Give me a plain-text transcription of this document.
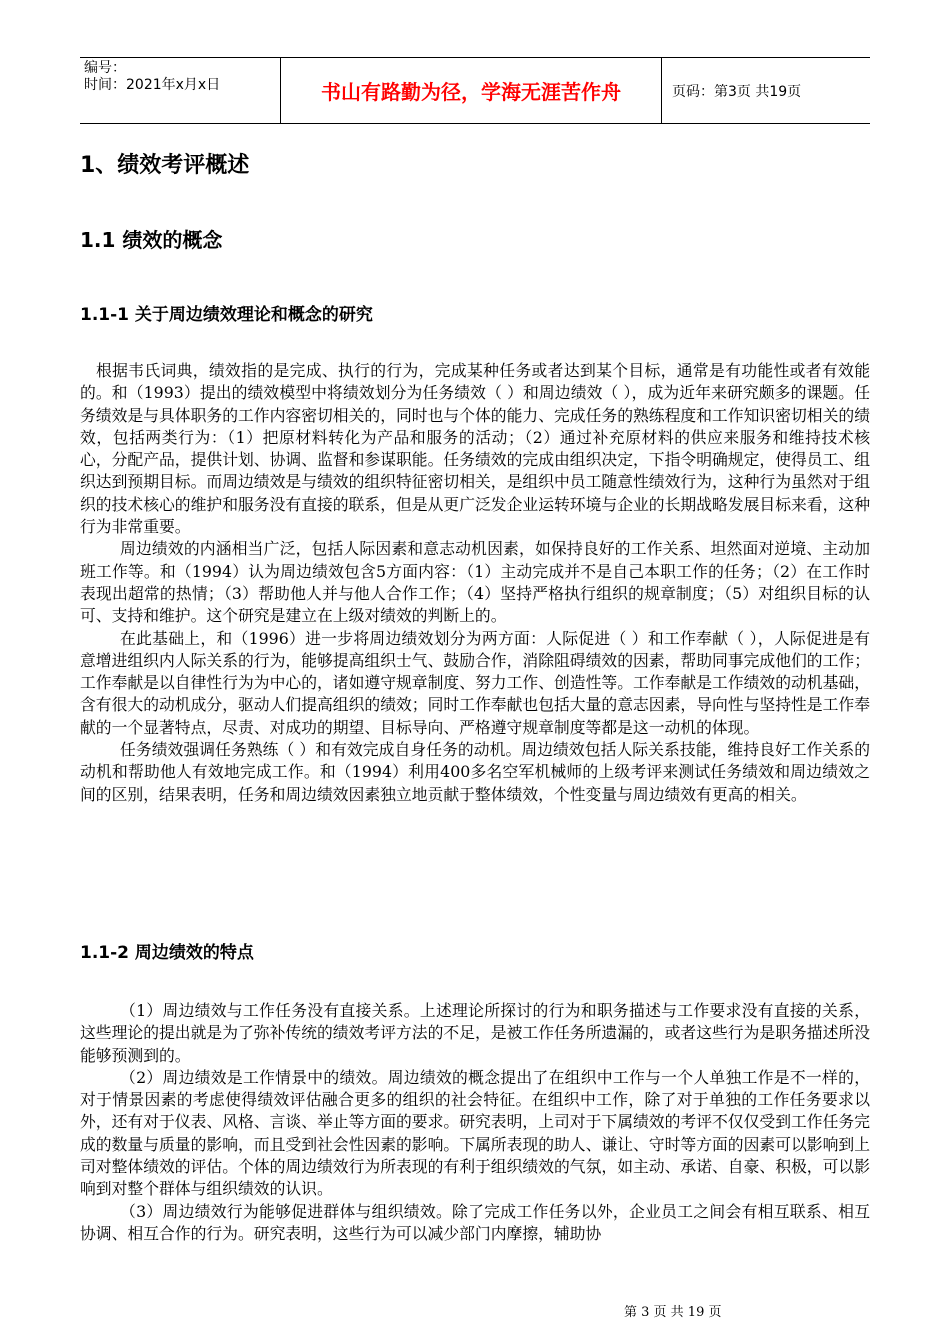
编号：
时间：2021年x月x日	书山有路勤为径，学海无涯苦作舟	页码：第3页 共19页
1、绩效考评概述
1.1 绩效的概念
1.1-1 关于周边绩效理论和概念的研究

根据韦氏词典，绩效指的是完成、执行的行为，完成某种任务或者达到某个目标，通常是有功能性或者有效能的。和（1993）提出的绩效模型中将绩效划分为任务绩效（ ）和周边绩效（ ），成为近年来研究颇多的课题。任务绩效是与具体职务的工作内容密切相关的，同时也与个体的能力、完成任务的熟练程度和工作知识密切相关的绩效，包括两类行为：（1）把原材料转化为产品和服务的活动；（2）通过补充原材料的供应来服务和维持技术核心，分配产品，提供计划、协调、监督和参谋职能。任务绩效的完成由组织决定，下指令明确规定，使得员工、组织达到预期目标。而周边绩效是与绩效的组织特征密切相关，是组织中员工随意性绩效行为，这种行为虽然对于组织的技术核心的维护和服务没有直接的联系，但是从更广泛发企业运转环境与企业的长期战略发展目标来看，这种行为非常重要。

周边绩效的内涵相当广泛，包括人际因素和意志动机因素，如保持良好的工作关系、坦然面对逆境、主动加班工作等。和（1994）认为周边绩效包含5方面内容：（1）主动完成并不是自己本职工作的任务；（2）在工作时表现出超常的热情；（3）帮助他人并与他人合作工作；（4）坚持严格执行组织的规章制度；（5）对组织目标的认可、支持和维护。这个研究是建立在上级对绩效的判断上的。

在此基础上，和（1996）进一步将周边绩效划分为两方面：人际促进（ ）和工作奉献（ ），人际促进是有意增进组织内人际关系的行为，能够提高组织士气、鼓励合作，消除阻碍绩效的因素，帮助同事完成他们的工作；工作奉献是以自律性行为为中心的，诸如遵守规章制度、努力工作、创造性等。工作奉献是工作绩效的动机基础，含有很大的动机成分，驱动人们提高组织的绩效；同时工作奉献也包括大量的意志因素，导向性与坚持性是工作奉献的一个显著特点，尽责、对成功的期望、目标导向、严格遵守规章制度等都是这一动机的体现。

任务绩效强调任务熟练（ ）和有效完成自身任务的动机。周边绩效包括人际关系技能，维持良好工作关系的动机和帮助他人有效地完成工作。和（1994）利用400多名空军机械师的上级考评来测试任务绩效和周边绩效之间的区别，结果表明，任务和周边绩效因素独立地贡献于整体绩效，个性变量与周边绩效有更高的相关。

1.1-2 周边绩效的特点

（1）周边绩效与工作任务没有直接关系。上述理论所探讨的行为和职务描述与工作要求没有直接的关系，这些理论的提出就是为了弥补传统的绩效考评方法的不足，是被工作任务所遗漏的，或者这些行为是职务描述所没能够预测到的。

（2）周边绩效是工作情景中的绩效。周边绩效的概念提出了在组织中工作与一个人单独工作是不一样的，对于情景因素的考虑使得绩效评估融合更多的组织的社会特征。在组织中工作，除了对于单独的工作任务要求以外，还有对于仪表、风格、言谈、举止等方面的要求。研究表明，上司对于下属绩效的考评不仅仅受到工作任务完成的数量与质量的影响，而且受到社会性因素的影响。下属所表现的助人、谦让、守时等方面的因素可以影响到上司对整体绩效的评估。个体的周边绩效行为所表现的有利于组织绩效的气氛，如主动、承诺、自豪、积极，可以影响到对整个群体与组织绩效的认识。

（3）周边绩效行为能够促进群体与组织绩效。除了完成工作任务以外，企业员工之间会有相互联系、相互协调、相互合作的行为。研究表明，这些行为可以减少部门内摩擦，辅助协

第 3 页 共 19 页
